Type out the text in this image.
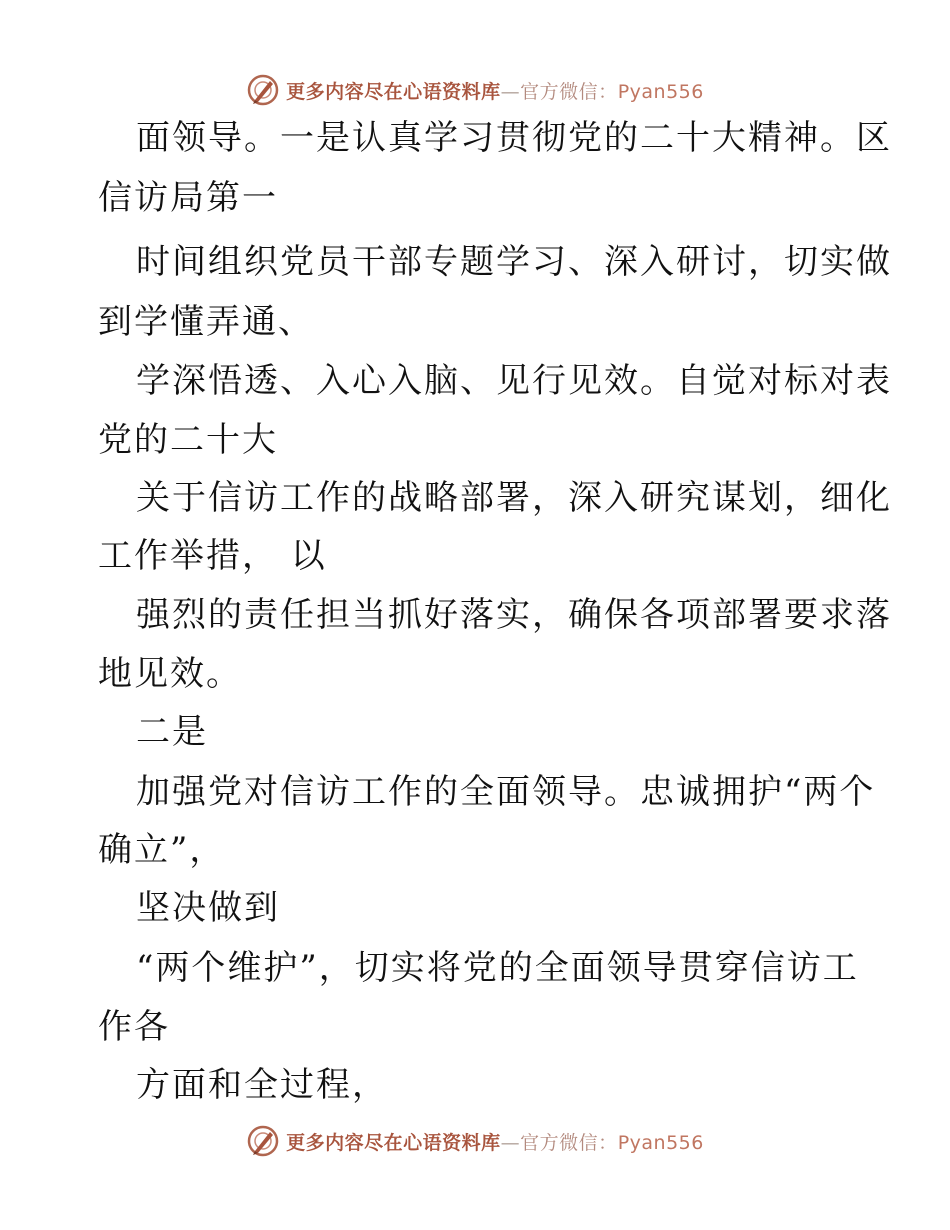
更多内容尽在心语资料库—官方微信：Pyan556
面领导。一是认真学习贯彻党的二十大精神。区
信访局第一
时间组织党员干部专题学习、深入研讨，切实做
到学懂弄通、
学深悟透、入心入脑、见行见效。自觉对标对表
党的二十大
关于信访工作的战略部署，深入研究谋划，细化
工作举措， 以
强烈的责任担当抓好落实，确保各项部署要求落
地见效。
二是
加强党对信访工作的全面领导。忠诚拥护“两个
确立”，
坚决做到
“两个维护”，切实将党的全面领导贯穿信访工
作各
方面和全过程，
更多内容尽在心语资料库—官方微信：Pyan556
